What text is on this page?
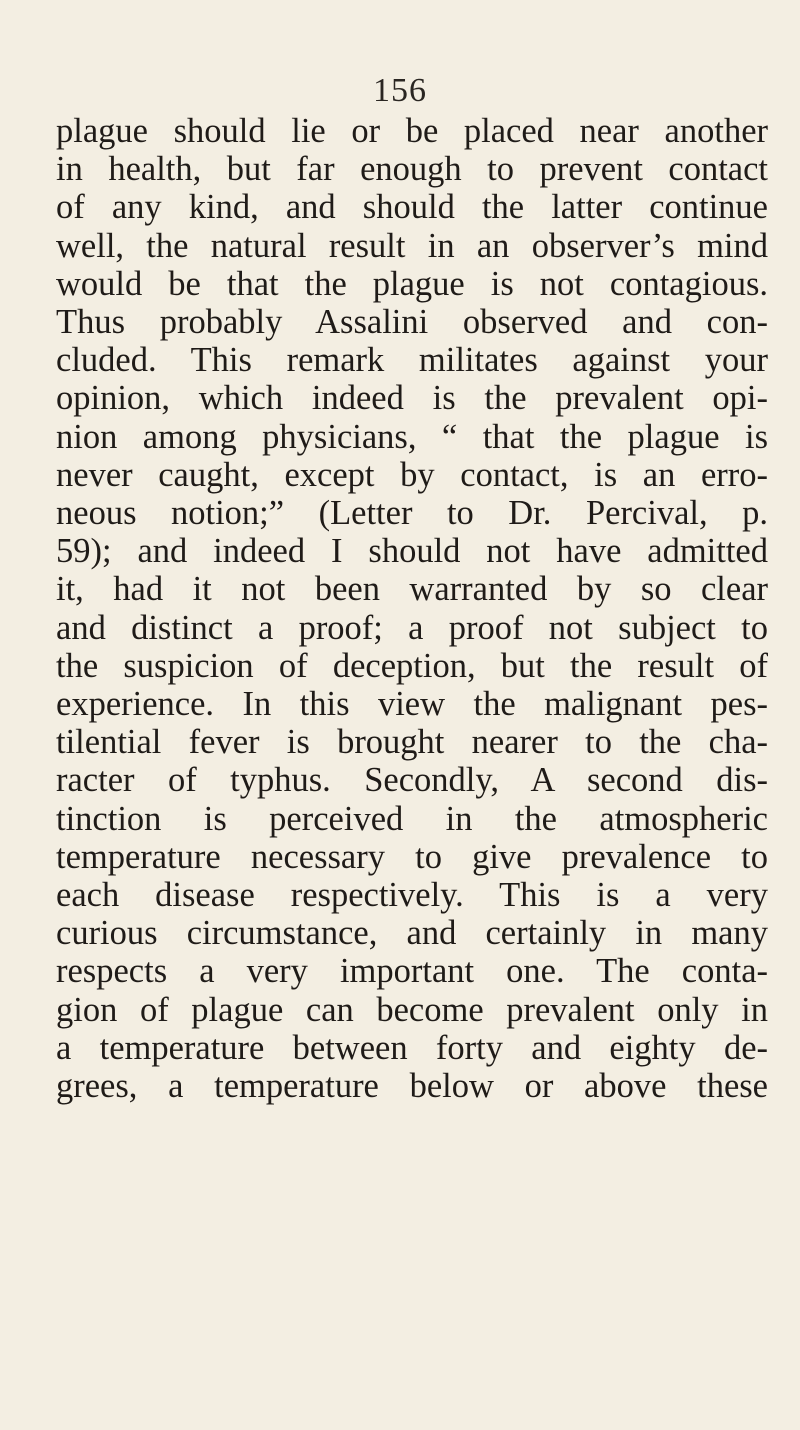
156
plague should lie or be placed near another
in health, but far enough to prevent contact
of any kind, and should the latter continue
well, the natural result in an observer’s mind
would be that the plague is not contagious.
Thus probably Assalini observed and con-
cluded. This remark militates against your
opinion, which indeed is the prevalent opi-
nion among physicians, “ that the plague is
never caught, except by contact, is an erro-
neous notion;” (Letter to Dr. Percival, p.
59); and indeed I should not have admitted
it, had it not been warranted by so clear
and distinct a proof; a proof not subject to
the suspicion of deception, but the result of
experience. In this view the malignant pes-
tilential fever is brought nearer to the cha-
racter of typhus. Secondly, A second dis-
tinction is perceived in the atmospheric
temperature necessary to give prevalence to
each disease respectively. This is a very
curious circumstance, and certainly in many
respects a very important one. The conta-
gion of plague can become prevalent only in
a temperature between forty and eighty de-
grees, a temperature below or above these
